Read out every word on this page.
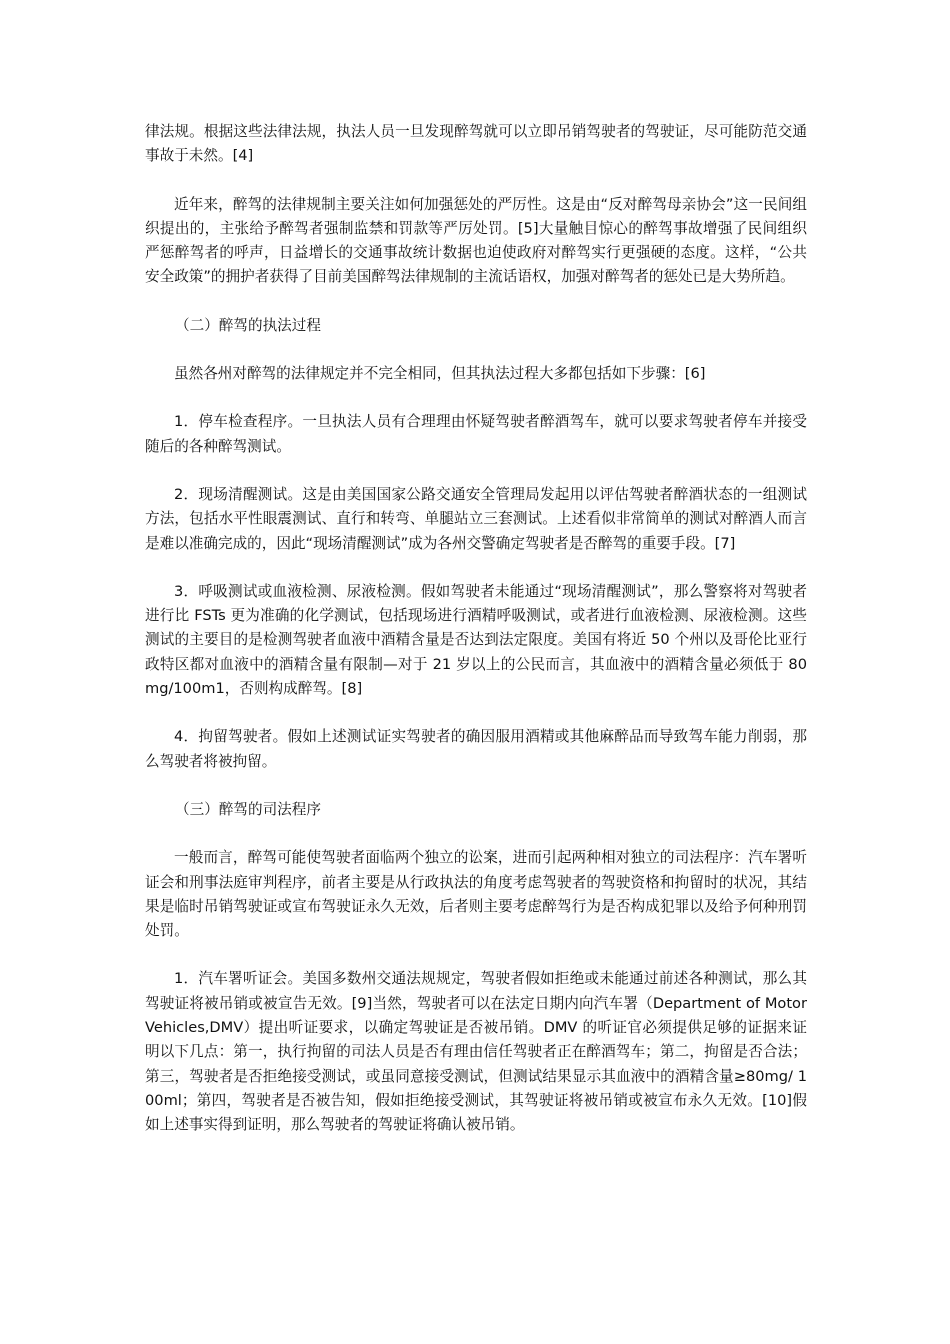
律法规。根据这些法律法规，执法人员一旦发现醉驾就可以立即吊销驾驶者的驾驶证，尽可能防范交通事故于未然。[4]

近年来，醉驾的法律规制主要关注如何加强惩处的严厉性。这是由“反对醉驾母亲协会”这一民间组织提出的，主张给予醉驾者强制监禁和罚款等严厉处罚。[5]大量触目惊心的醉驾事故增强了民间组织严惩醉驾者的呼声，日益增长的交通事故统计数据也迫使政府对醉驾实行更强硬的态度。这样，“公共安全政策”的拥护者获得了目前美国醉驾法律规制的主流话语权，加强对醉驾者的惩处已是大势所趋。

（二）醉驾的执法过程

虽然各州对醉驾的法律规定并不完全相同，但其执法过程大多都包括如下步骤：[6]

1．停车检查程序。一旦执法人员有合理理由怀疑驾驶者醉酒驾车，就可以要求驾驶者停车并接受随后的各种醉驾测试。

2．现场清醒测试。这是由美国国家公路交通安全管理局发起用以评估驾驶者醉酒状态的一组测试方法，包括水平性眼震测试、直行和转弯、单腿站立三套测试。上述看似非常简单的测试对醉酒人而言是难以准确完成的，因此“现场清醒测试”成为各州交警确定驾驶者是否醉驾的重要手段。[7]

3．呼吸测试或血液检测、尿液检测。假如驾驶者未能通过“现场清醒测试”，那么警察将对驾驶者进行比 FSTs 更为准确的化学测试，包括现场进行酒精呼吸测试，或者进行血液检测、尿液检测。这些测试的主要目的是检测驾驶者血液中酒精含量是否达到法定限度。美国有将近 50 个州以及哥伦比亚行政特区都对血液中的酒精含量有限制—对于 21 岁以上的公民而言，其血液中的酒精含量必须低于 80mg/100m1，否则构成醉驾。[8]

4．拘留驾驶者。假如上述测试证实驾驶者的确因服用酒精或其他麻醉品而导致驾车能力削弱，那么驾驶者将被拘留。

（三）醉驾的司法程序

一般而言，醉驾可能使驾驶者面临两个独立的讼案，进而引起两种相对独立的司法程序：汽车署听证会和刑事法庭审判程序，前者主要是从行政执法的角度考虑驾驶者的驾驶资格和拘留时的状况，其结果是临时吊销驾驶证或宣布驾驶证永久无效，后者则主要考虑醉驾行为是否构成犯罪以及给予何种刑罚处罚。

1．汽车署听证会。美国多数州交通法规规定，驾驶者假如拒绝或未能通过前述各种测试，那么其驾驶证将被吊销或被宣告无效。[9]当然，驾驶者可以在法定日期内向汽车署（Department of Motor Vehicles,DMV）提出听证要求，以确定驾驶证是否被吊销。DMV 的听证官必须提供足够的证据来证明以下几点：第一，执行拘留的司法人员是否有理由信任驾驶者正在醉酒驾车；第二，拘留是否合法；第三，驾驶者是否拒绝接受测试，或虽同意接受测试，但测试结果显示其血液中的酒精含量≥80mg/ 100ml；第四，驾驶者是否被告知，假如拒绝接受测试，其驾驶证将被吊销或被宣布永久无效。[10]假如上述事实得到证明，那么驾驶者的驾驶证将确认被吊销。
